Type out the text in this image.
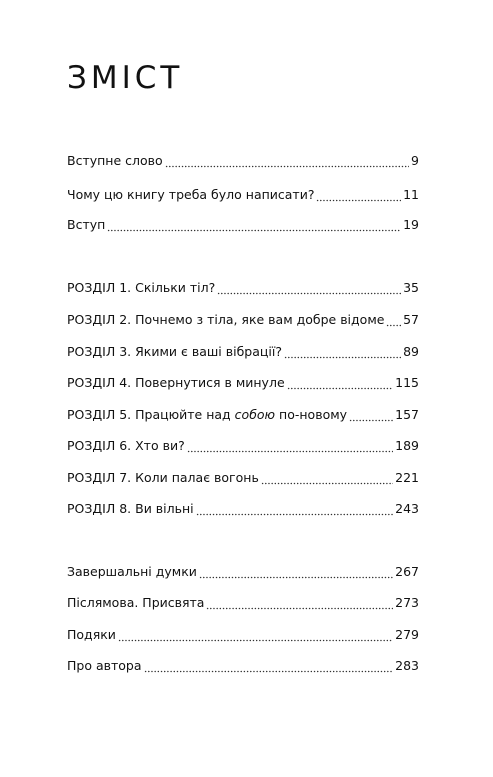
ЗМІСТ
Вступне слово	9
Чому цю книгу треба було написати?	11
Вступ	19
РОЗДІЛ 1. Скільки тіл?	35
РОЗДІЛ 2. Почнемо з тіла, яке вам добре відоме 57
РОЗДІЛ 3. Якими є ваші вібрації?	89
РОЗДІЛ 4. Повернутися в минуле	115
РОЗДІЛ 5. Працюйте над собою по-новому	157
РОЗДІЛ 6. Хто ви?	189
РОЗДІЛ 7. Коли палає вогонь	221
РОЗДІЛ 8. Ви вільні	243
Завершальні думки	267
Післямова. Присвята	273
Подяки	279
Про автора	283
